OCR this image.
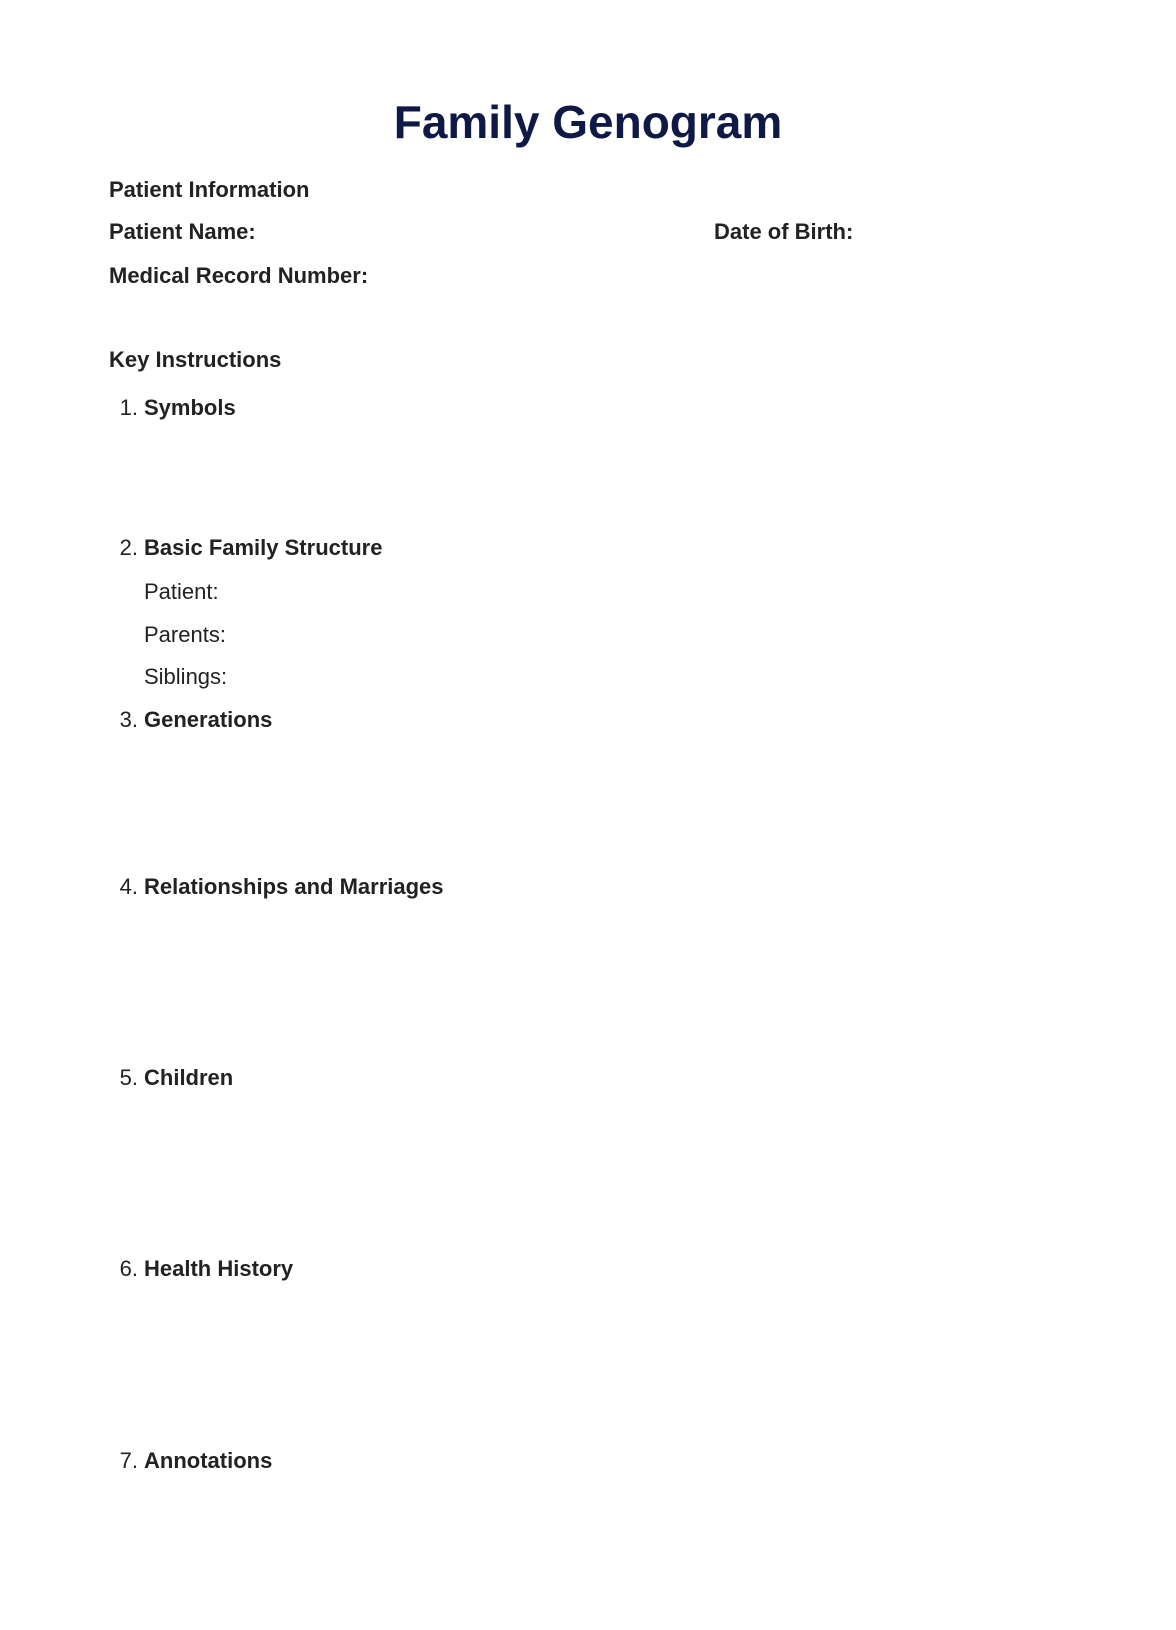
Family Genogram
Patient Information
Patient Name:	Date of Birth:
Medical Record Number:
Key Instructions
1. Symbols
2. Basic Family Structure
Patient:
Parents:
Siblings:
3. Generations
4. Relationships and Marriages
5. Children
6. Health History
7. Annotations
